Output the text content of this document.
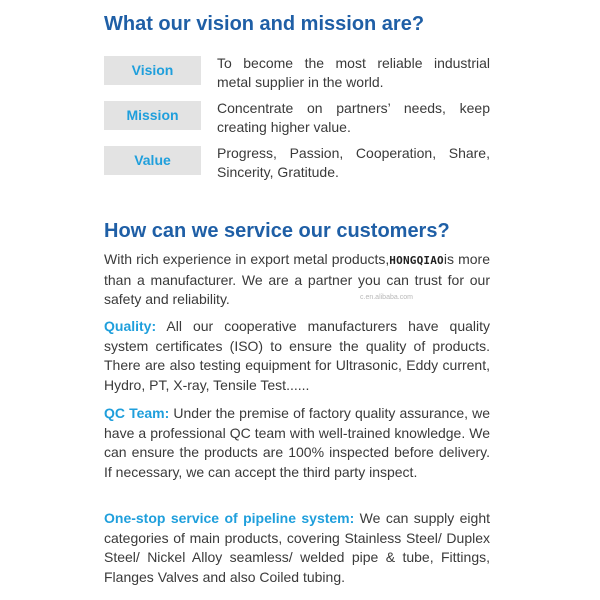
What our vision and mission are?
Vision	To become the most reliable industrial metal supplier in the world.
Mission	Concentrate on partners’ needs, keep creating higher value.
Value	Progress, Passion, Cooperation, Share, Sincerity, Gratitude.
How can we service our customers?

With rich experience in export metal products,HONGQIAOis more than a manufacturer. We are a partner you can trust for our safety and reliability.	c.en.alibaba.com

Quality: All our cooperative manufacturers have quality system certificates (ISO) to ensure the quality of products. There are also testing equipment for Ultrasonic, Eddy current, Hydro, PT, X-ray, Tensile Test......

QC Team: Under the premise of factory quality assurance, we have a professional QC team with well-trained knowledge. We can ensure the products are 100% inspected before delivery. If necessary, we can accept the third party inspect.

One-stop service of pipeline system: We can supply eight categories of main products, covering Stainless Steel/ Duplex Steel/ Nickel Alloy seamless/ welded pipe & tube, Fittings, Flanges Valves and also Coiled tubing.
